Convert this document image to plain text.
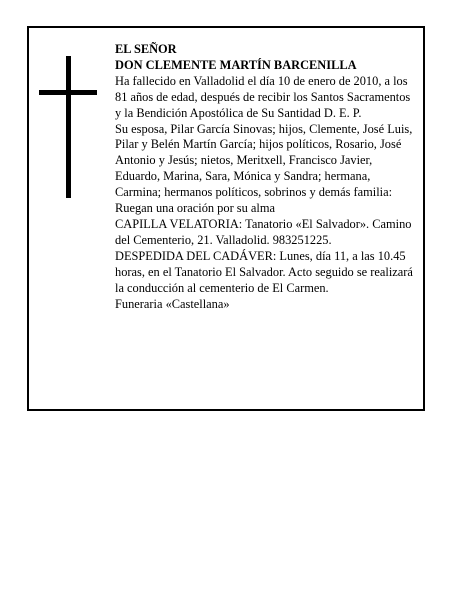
EL SEÑOR

DON CLEMENTE MARTÍN BARCENILLA

Ha fallecido en Valladolid el día 10 de enero de 2010, a los 81 años de edad, después de recibir los Santos Sacramentos y la Bendición Apostólica de Su Santidad D. E. P.

Su esposa, Pilar García Sinovas; hijos, Clemente, José Luis, Pilar y Belén Martín García; hijos políticos, Rosario, José Antonio y Jesús; nietos, Meritxell, Francisco Javier, Eduardo, Marina, Sara, Mónica y Sandra; hermana, Carmina; hermanos políticos, sobrinos y demás familia:

Ruegan una oración por su alma

CAPILLA VELATORIA: Tanatorio «El Salvador». Camino del Cementerio, 21. Valladolid. 983251225.

DESPEDIDA DEL CADÁVER: Lunes, día 11, a las 10.45 horas, en el Tanatorio El Salvador. Acto seguido se realizará la conducción al cementerio de El Carmen.

Funeraria «Castellana»
